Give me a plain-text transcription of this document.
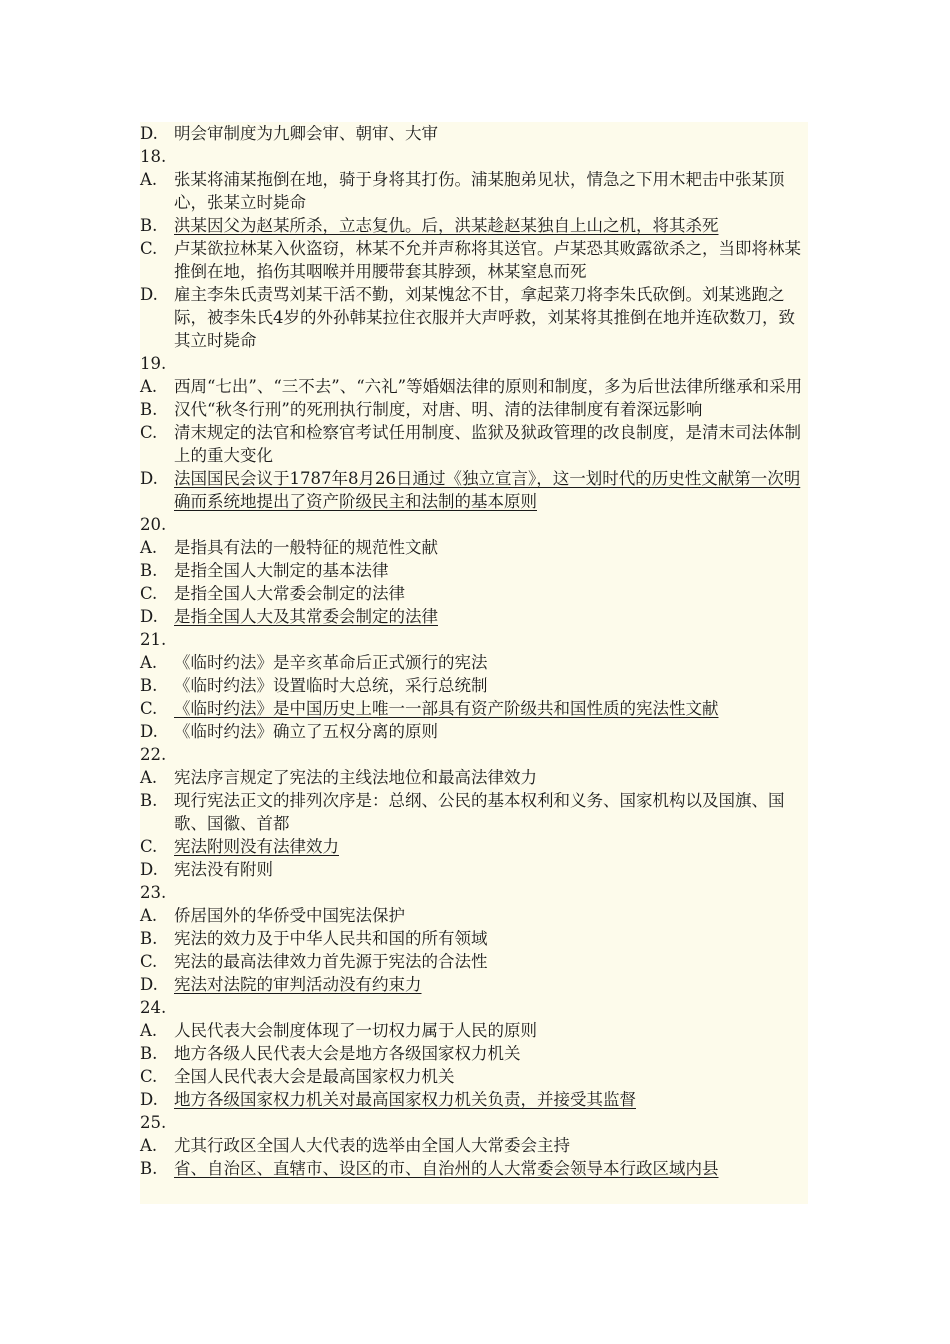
D. 明会审制度为九卿会审、朝审、大审
18.
A.	张某将浦某拖倒在地，骑于身将其打伤。浦某胞弟见状，情急之下用木耙击中张某顶心，张某立时毙命
B.	洪某因父为赵某所杀，立志复仇。后，洪某趁赵某独自上山之机，将其杀死
C.	卢某欲拉林某入伙盗窃，林某不允并声称将其送官。卢某恐其败露欲杀之，当即将林某推倒在地，掐伤其咽喉并用腰带套其脖颈，林某窒息而死
D. 雇主李朱氏责骂刘某干活不勤，刘某愧忿不甘，拿起菜刀将李朱氏砍倒。刘某逃跑之际，被李朱氏4岁的外孙韩某拉住衣服并大声呼救，刘某将其推倒在地并连砍数刀，致其立时毙命
19.
A.	西周“七出”、“三不去”、“六礼”等婚姻法律的原则和制度，多为后世法律所继承和采用
B.	汉代“秋冬行刑”的死刑执行制度，对唐、明、清的法律制度有着深远影响
C.	清末规定的法官和检察官考试任用制度、监狱及狱政管理的改良制度，是清末司法体制上的重大变化
D. 法国国民会议于1787年8月26日通过《独立宣言》，这一划时代的历史性文献第一次明确而系统地提出了资产阶级民主和法制的基本原则
20.
A.	是指具有法的一般特征的规范性文献
B.	是指全国人大制定的基本法律
C.	是指全国人大常委会制定的法律
D. 是指全国人大及其常委会制定的法律
21.
A.	《临时约法》是辛亥革命后正式颁行的宪法
B.	《临时约法》设置临时大总统，采行总统制
C.	《临时约法》是中国历史上唯一一部具有资产阶级共和国性质的宪法性文献
D. 《临时约法》确立了五权分离的原则
22.
A.	宪法序言规定了宪法的主线法地位和最高法律效力
B.	现行宪法正文的排列次序是：总纲、公民的基本权利和义务、国家机构以及国旗、国歌、国徽、首都
C.	宪法附则没有法律效力
D. 宪法没有附则
23.
A.	侨居国外的华侨受中国宪法保护
B.	宪法的效力及于中华人民共和国的所有领域
C.	宪法的最高法律效力首先源于宪法的合法性
D. 宪法对法院的审判活动没有约束力
24.
A.	人民代表大会制度体现了一切权力属于人民的原则
B.	地方各级人民代表大会是地方各级国家权力机关
C.	全国人民代表大会是最高国家权力机关
D. 地方各级国家权力机关对最高国家权力机关负责，并接受其监督
25.
A.	尤其行政区全国人大代表的选举由全国人大常委会主持
B.	省、自治区、直辖市、设区的市、自治州的人大常委会领导本行政区域内县
